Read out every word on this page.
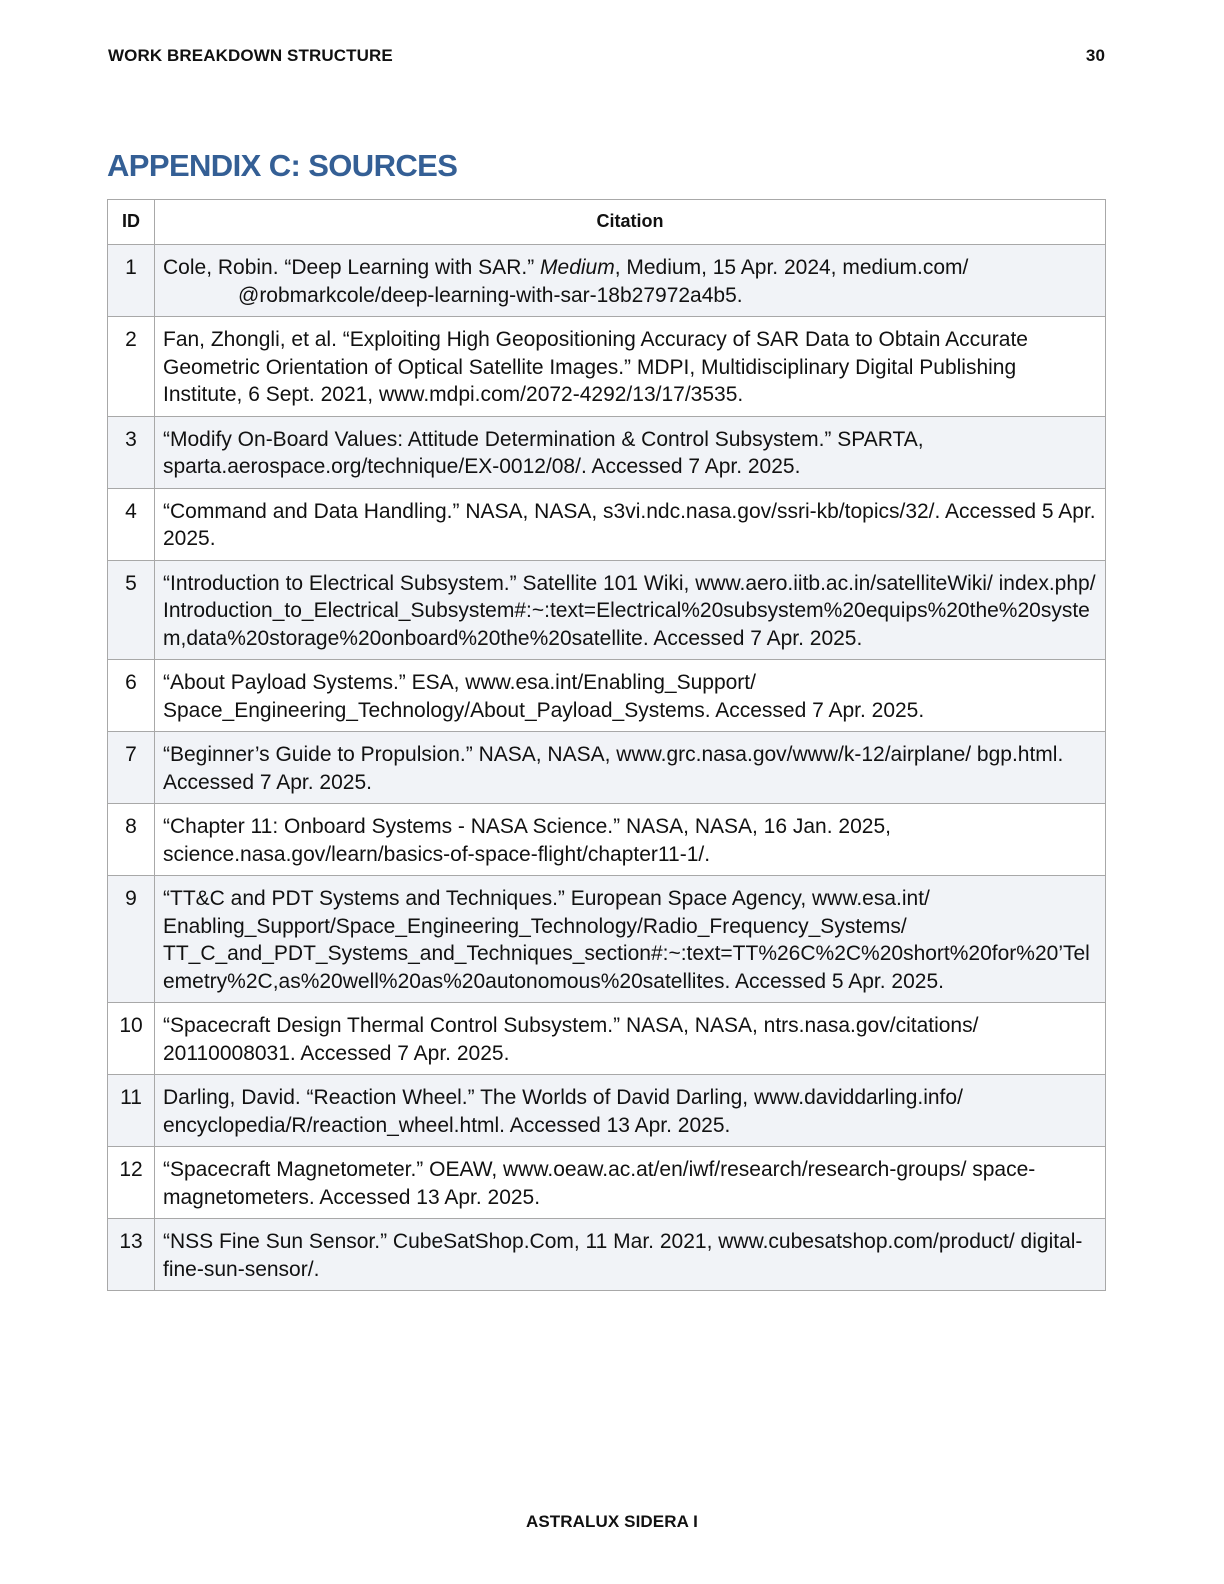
WORK BREAKDOWN STRUCTURE	30
APPENDIX C: SOURCES
ID	Citation
1	Cole, Robin. “Deep Learning with SAR.” Medium, Medium, 15 Apr. 2024, medium.com/
@robmarkcole/deep-learning-with-sar-18b27972a4b5.

2	Fan, Zhongli, et al. “Exploiting High Geopositioning Accuracy of SAR Data to Obtain Accurate Geometric Orientation of Optical Satellite Images.” MDPI, Multidisciplinary Digital Publishing Institute, 6 Sept. 2021, www.mdpi.com/2072-4292/13/17/3535.
3	“Modify On-Board Values: Attitude Determination & Control Subsystem.” SPARTA, sparta.aerospace.org/technique/EX-0012/08/. Accessed 7 Apr. 2025.
4	“Command and Data Handling.” NASA, NASA, s3vi.ndc.nasa.gov/ssri-kb/topics/32/. Accessed 5 Apr. 2025.
5	“Introduction to Electrical Subsystem.” Satellite 101 Wiki, www.aero.iitb.ac.in/satelliteWiki/ index.php/ Introduction_to_Electrical_Subsystem#:~:text=Electrical%20subsystem%20equips%20the%20system,data%20storage%20onboard%20the%20satellite. Accessed 7 Apr. 2025.
6	“About Payload Systems.” ESA, www.esa.int/Enabling_Support/ Space_Engineering_Technology/About_Payload_Systems. Accessed 7 Apr. 2025.
7	“Beginner’s Guide to Propulsion.” NASA, NASA, www.grc.nasa.gov/www/k-12/airplane/ bgp.html. Accessed 7 Apr. 2025.
8	“Chapter 11: Onboard Systems - NASA Science.” NASA, NASA, 16 Jan. 2025, science.nasa.gov/learn/basics-of-space-flight/chapter11-1/.
9	“TT&C and PDT Systems and Techniques.” European Space Agency, www.esa.int/ Enabling_Support/Space_Engineering_Technology/Radio_Frequency_Systems/ TT_C_and_PDT_Systems_and_Techniques_section#:~:text=TT%26C%2C%20short%20for%20’Telemetry%2C,as%20well%20as%20autonomous%20satellites. Accessed 5 Apr. 2025.
10	“Spacecraft Design Thermal Control Subsystem.” NASA, NASA, ntrs.nasa.gov/citations/ 20110008031. Accessed 7 Apr. 2025.
11	Darling, David. “Reaction Wheel.” The Worlds of David Darling, www.daviddarling.info/ encyclopedia/R/reaction_wheel.html. Accessed 13 Apr. 2025.
12	“Spacecraft Magnetometer.” OEAW, www.oeaw.ac.at/en/iwf/research/research-groups/ space-magnetometers. Accessed 13 Apr. 2025.
13	“NSS Fine Sun Sensor.” CubeSatShop.Com, 11 Mar. 2021, www.cubesatshop.com/product/ digital-fine-sun-sensor/.
ASTRALUX SIDERA I
